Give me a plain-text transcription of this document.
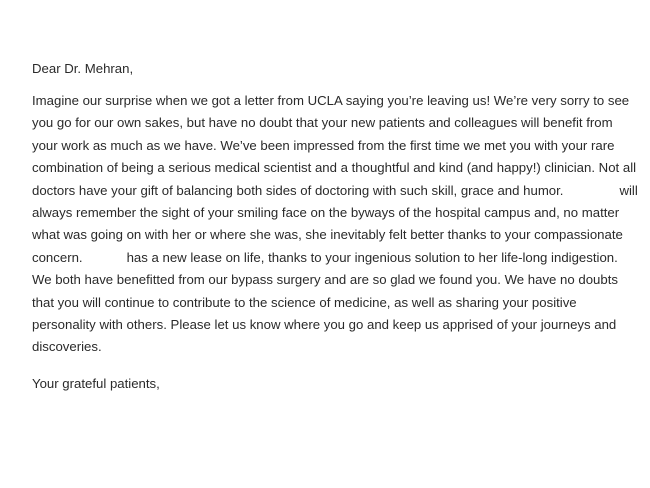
Dear Dr. Mehran,

Imagine our surprise when we got a letter from UCLA saying you’re leaving us! We’re very sorry to see
you go for our own sakes, but have no doubt that your new patients and colleagues will benefit from
your work as much as we have. We’ve been impressed from the first time we met you with your rare
combination of being a serious medical scientist and a thoughtful and kind (and happy!) clinician. Not all
doctors have your gift of balancing both sides of doctoring with such skill, grace and humor.	will
always remember the sight of your smiling face on the byways of the hospital campus and, no matter
what was going on with her or where she was, she inevitably felt better thanks to your compassionate
concern.	has a new lease on life, thanks to your ingenious solution to her life-long indigestion.
We both have benefitted from our bypass surgery and are so glad we found you. We have no doubts
that you will continue to contribute to the science of medicine, as well as sharing your positive
personality with others. Please let us know where you go and keep us apprised of your journeys and
discoveries.

Your grateful patients,
